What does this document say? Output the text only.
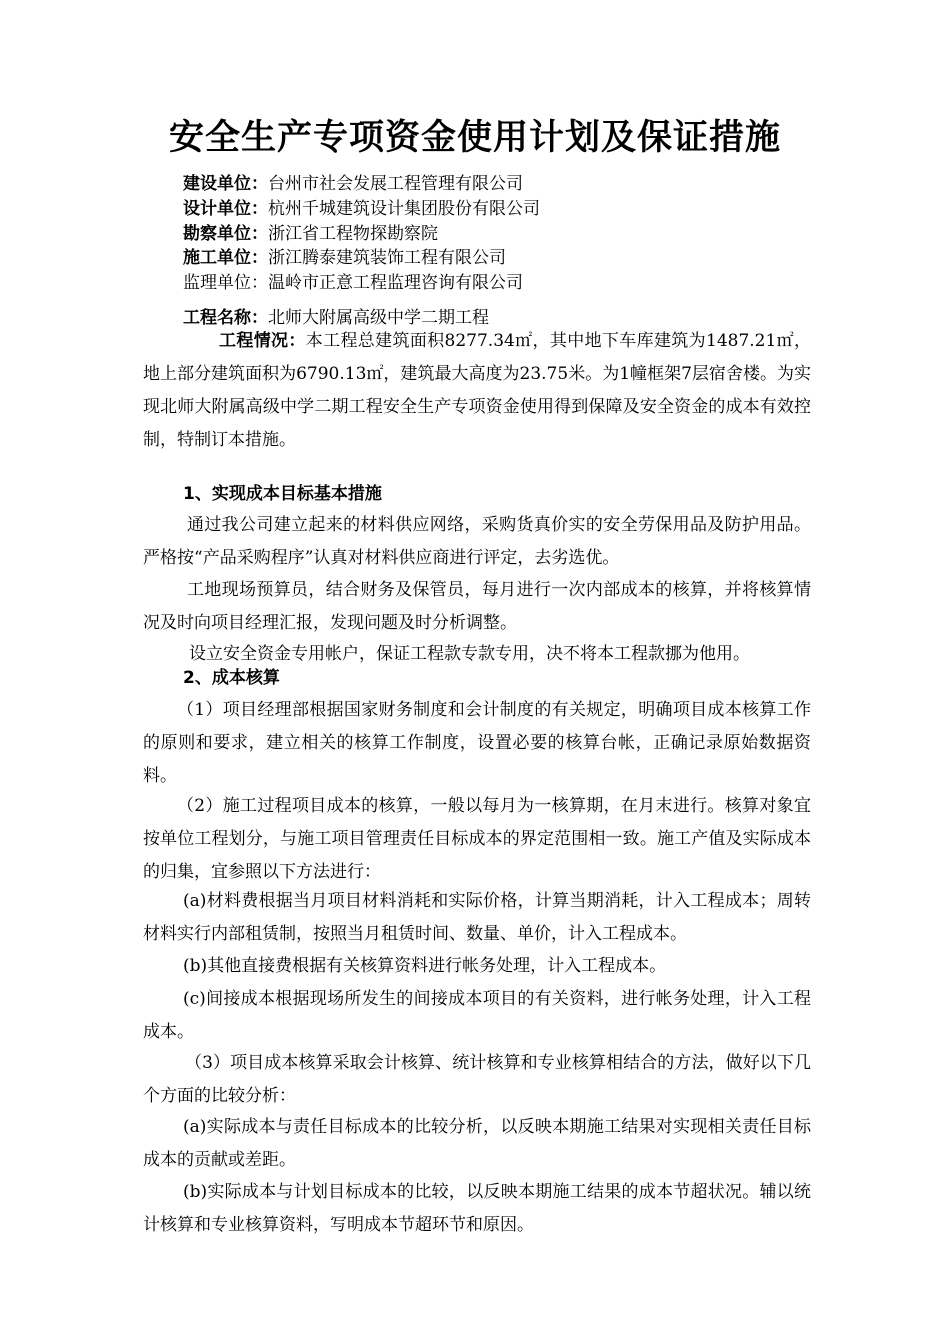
安全生产专项资金使用计划及保证措施
建设单位：台州市社会发展工程管理有限公司
设计单位：杭州千城建筑设计集团股份有限公司
勘察单位：浙江省工程物探勘察院
施工单位：浙江腾泰建筑装饰工程有限公司
监理单位：温岭市正意工程监理咨询有限公司
工程名称：北师大附属高级中学二期工程

工程情况：本工程总建筑面积8277.34㎡，其中地下车库建筑为1487.21㎡，地上部分建筑面积为6790.13㎡，建筑最大高度为23.75米。为1幢框架7层宿舍楼。为实现北师大附属高级中学二期工程安全生产专项资金使用得到保障及安全资金的成本有效控制，特制订本措施。

1、实现成本目标基本措施

通过我公司建立起来的材料供应网络，采购货真价实的安全劳保用品及防护用品。严格按“产品采购程序”认真对材料供应商进行评定，去劣选优。

工地现场预算员，结合财务及保管员，每月进行一次内部成本的核算，并将核算情况及时向项目经理汇报，发现问题及时分析调整。

设立安全资金专用帐户，保证工程款专款专用，决不将本工程款挪为他用。

2、成本核算

（1）项目经理部根据国家财务制度和会计制度的有关规定，明确项目成本核算工作的原则和要求，建立相关的核算工作制度，设置必要的核算台帐，正确记录原始数据资料。

（2）施工过程项目成本的核算，一般以每月为一核算期，在月末进行。核算对象宜按单位工程划分，与施工项目管理责任目标成本的界定范围相一致。施工产值及实际成本的归集，宜参照以下方法进行：

(a)材料费根据当月项目材料消耗和实际价格，计算当期消耗，计入工程成本；周转材料实行内部租赁制，按照当月租赁时间、数量、单价，计入工程成本。

(b)其他直接费根据有关核算资料进行帐务处理，计入工程成本。

(c)间接成本根据现场所发生的间接成本项目的有关资料，进行帐务处理，计入工程成本。

（3）项目成本核算采取会计核算、统计核算和专业核算相结合的方法，做好以下几个方面的比较分析：

(a)实际成本与责任目标成本的比较分析，以反映本期施工结果对实现相关责任目标成本的贡献或差距。

(b)实际成本与计划目标成本的比较，以反映本期施工结果的成本节超状况。辅以统计核算和专业核算资料，写明成本节超环节和原因。
